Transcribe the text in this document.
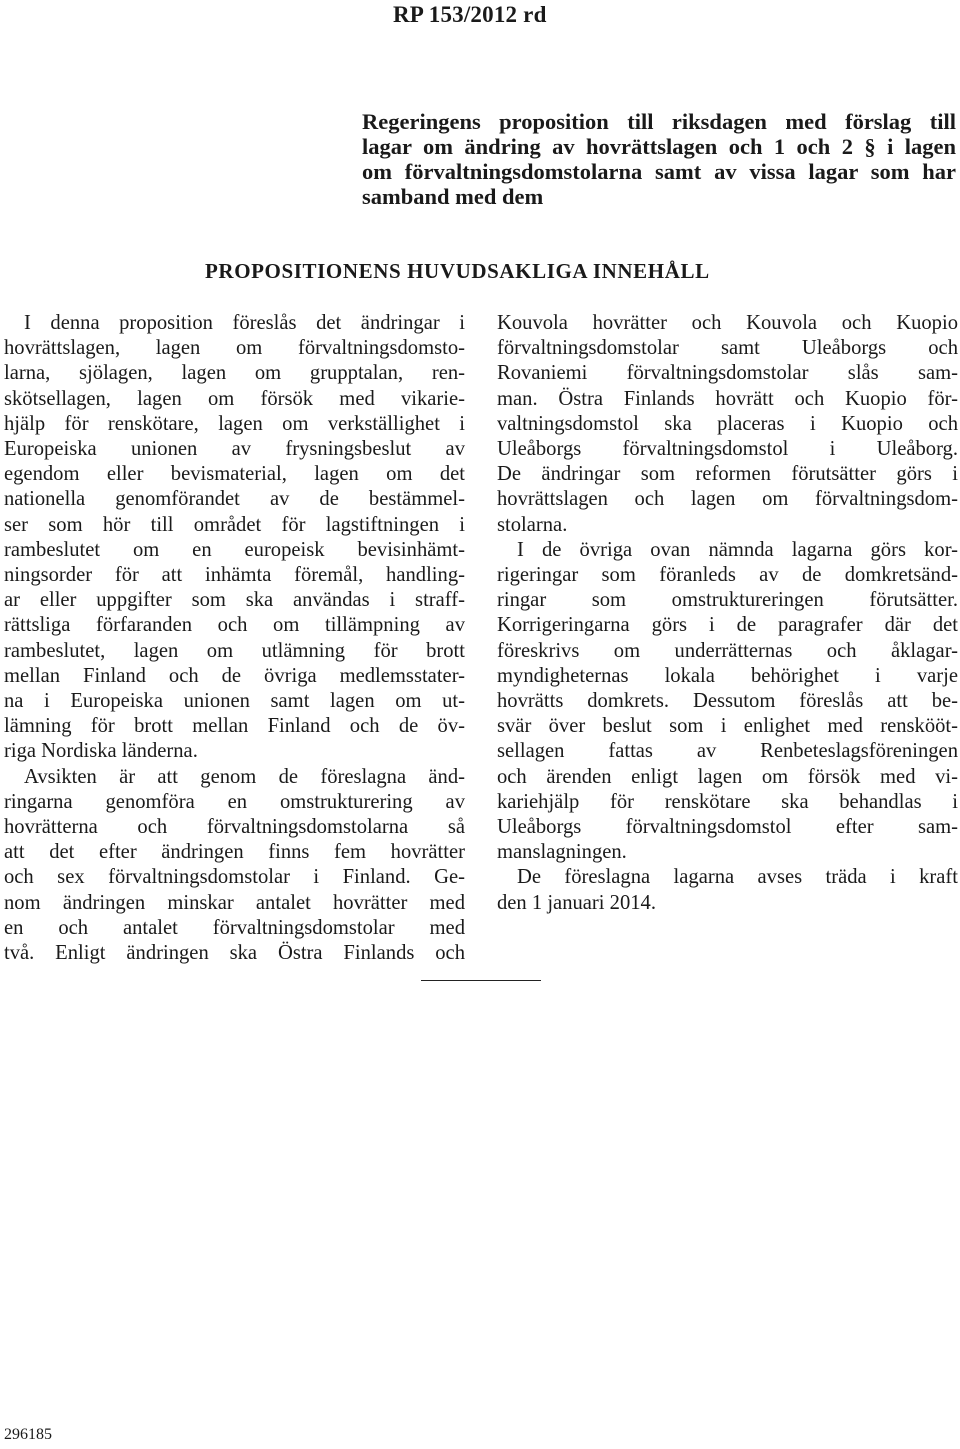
RP 153/2012 rd
Regeringens proposition till riksdagen med förslag till
lagar om ändring av hovrättslagen och 1 och 2 § i lagen
om förvaltningsdomstolarna samt av vissa lagar som har
samband med dem
PROPOSITIONENS HUVUDSAKLIGA INNEHÅLL
I denna proposition föreslås det ändringar i
hovrättslagen, lagen om förvaltningsdomsto-
larna, sjölagen, lagen om grupptalan, ren-
skötsellagen, lagen om försök med vikarie-
hjälp för renskötare, lagen om verkställighet i
Europeiska unionen av frysningsbeslut av
egendom eller bevismaterial, lagen om det
nationella genomförandet av de bestämmel-
ser som hör till området för lagstiftningen i
rambeslutet om en europeisk bevisinhämt-
ningsorder för att inhämta föremål, handling-
ar eller uppgifter som ska användas i straff-
rättsliga förfaranden och om tillämpning av
rambeslutet, lagen om utlämning för brott
mellan Finland och de övriga medlemsstater-
na i Europeiska unionen samt lagen om ut-
lämning för brott mellan Finland och de öv-
riga Nordiska länderna.
Avsikten är att genom de föreslagna änd-
ringarna genomföra en omstrukturering av
hovrätterna och förvaltningsdomstolarna så
att det efter ändringen finns fem hovrätter
och sex förvaltningsdomstolar i Finland. Ge-
nom ändringen minskar antalet hovrätter med
en och antalet förvaltningsdomstolar med
två. Enligt ändringen ska Östra Finlands och
Kouvola hovrätter och Kouvola och Kuopio
förvaltningsdomstolar samt Uleåborgs och
Rovaniemi förvaltningsdomstolar slås sam-
man. Östra Finlands hovrätt och Kuopio för-
valtningsdomstol ska placeras i Kuopio och
Uleåborgs förvaltningsdomstol i Uleåborg.
De ändringar som reformen förutsätter görs i
hovrättslagen och lagen om förvaltningsdom-
stolarna.
I de övriga ovan nämnda lagarna görs kor-
rigeringar som föranleds av de domkretsänd-
ringar som omstruktureringen förutsätter.
Korrigeringarna görs i de paragrafer där det
föreskrivs om underrätternas och åklagar-
myndigheternas lokala behörighet i varje
hovrätts domkrets. Dessutom föreslås att be-
svär över beslut som i enlighet med renskööt-
sellagen fattas av Renbeteslagsföreningen
och ärenden enligt lagen om försök med vi-
kariehjälp för renskötare ska behandlas i
Uleåborgs förvaltningsdomstol efter sam-
manslagningen.
De föreslagna lagarna avses träda i kraft
den 1 januari 2014.
296185
